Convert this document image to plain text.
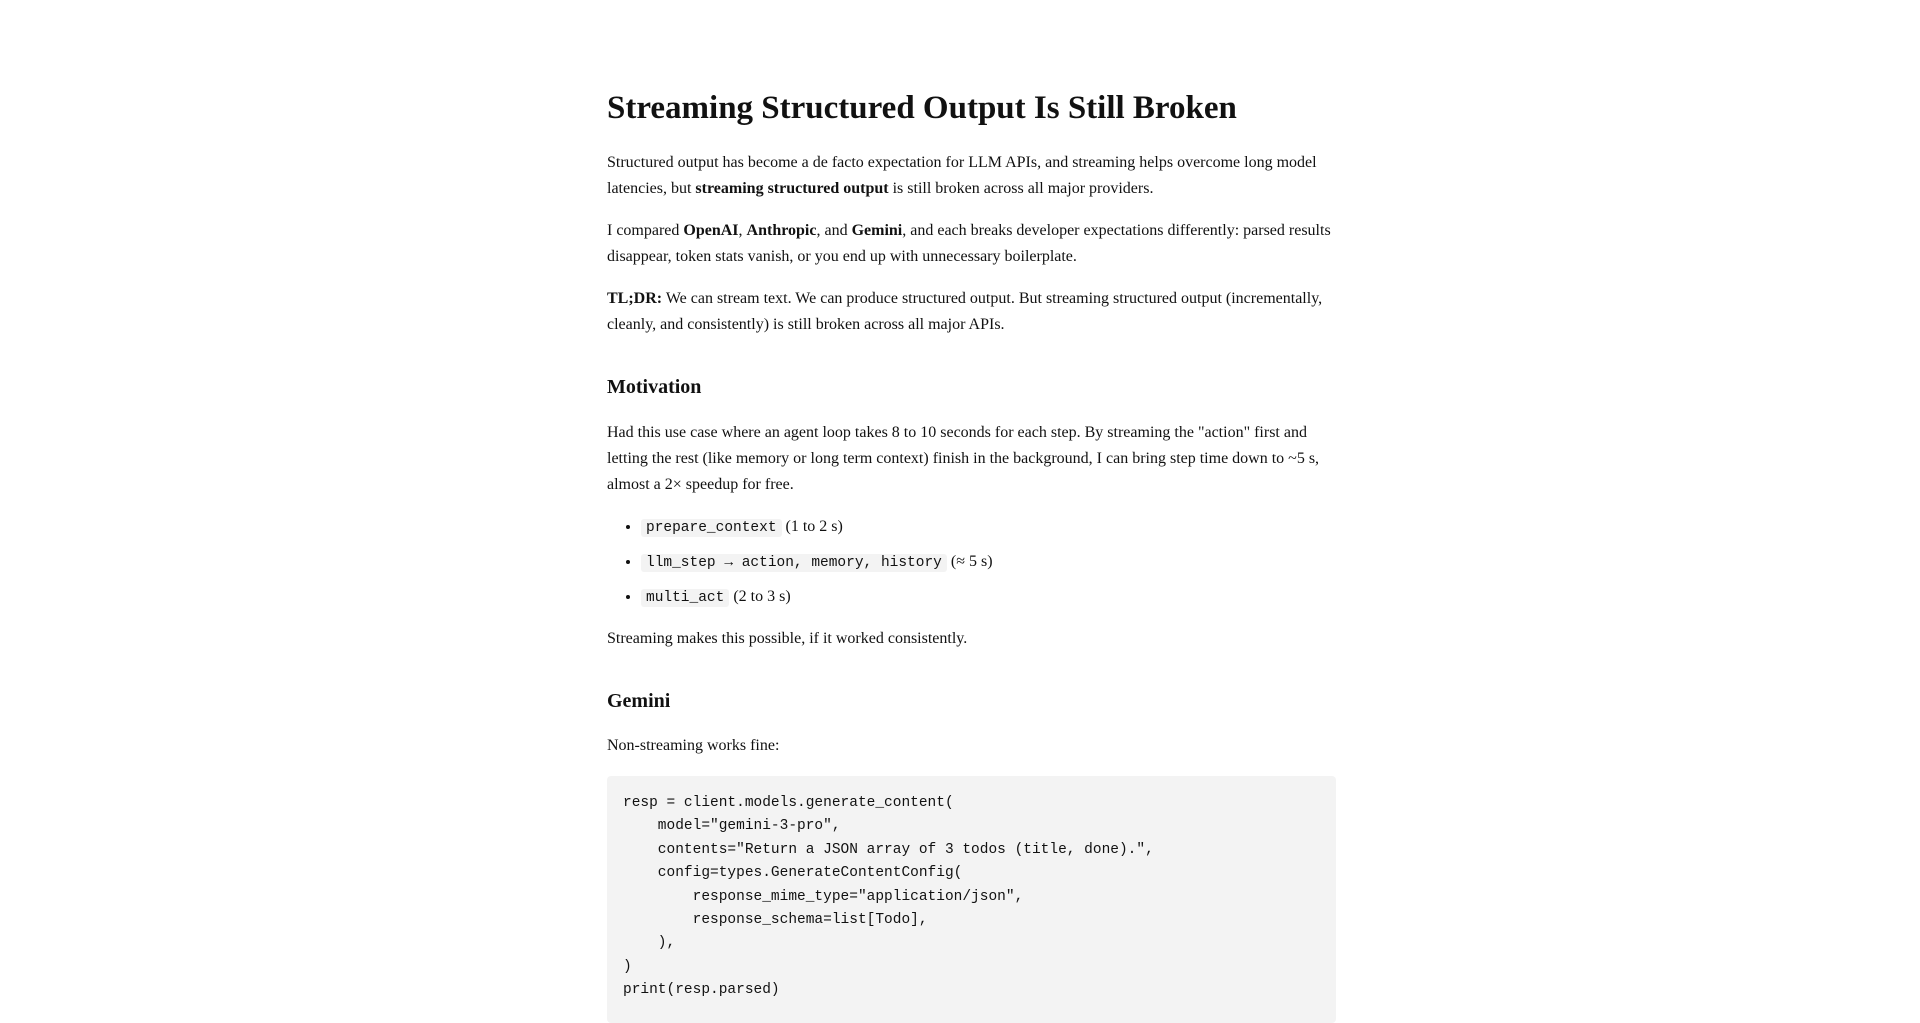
Streaming Structured Output Is Still Broken

Structured output has become a de facto expectation for LLM APIs, and streaming helps overcome long model latencies, but streaming structured output is still broken across all major providers.

I compared OpenAI, Anthropic, and Gemini, and each breaks developer expectations differently: parsed results disappear, token stats vanish, or you end up with unnecessary boilerplate.

TL;DR: We can stream text. We can produce structured output. But streaming structured output (incrementally, cleanly, and consistently) is still broken across all major APIs.

Motivation

Had this use case where an agent loop takes 8 to 10 seconds for each step. By streaming the "action" first and letting the rest (like memory or long term context) finish in the background, I can bring step time down to ~5 s, almost a 2× speedup for free.

• prepare_context (1 to 2 s)
• llm_step → action, memory, history (≈ 5 s)
• multi_act (2 to 3 s)

Streaming makes this possible, if it worked consistently.

Gemini

Non-streaming works fine:

resp = client.models.generate_content(
model="gemini-3-pro",
contents="Return a JSON array of 3 todos (title, done).",
config=types.GenerateContentConfig(
response_mime_type="application/json",
response_schema=list[Todo],
),
)
print(resp.parsed)
